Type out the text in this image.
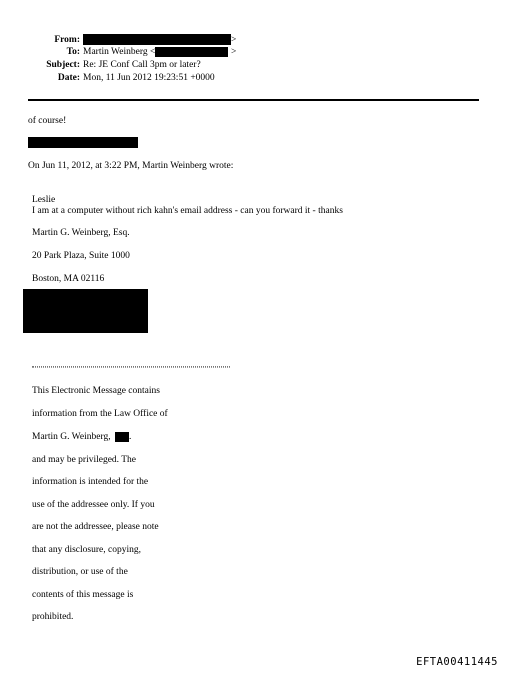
From:	>
To: Martin Weinberg <	>
Subject: Re: JE Conf Call 3pm or later?
Date: Mon, 11 Jun 2012 19:23:51 +0000
of course!
On Jun 11, 2012, at 3:22 PM, Martin Weinberg wrote:
Leslie
I am at a computer without rich kahn's email address - can you forward it - thanks
Martin G. Weinberg, Esq.
20 Park Plaza, Suite 1000
Boston, MA 02116
This Electronic Message contains
information from the Law Office of
Martin G. Weinberg, .
and may be privileged. The
information is intended for the
use of the addressee only. If you
are not the addressee, please note
that any disclosure, copying,
distribution, or use of the
contents of this message is
prohibited.
EFTA00411445
